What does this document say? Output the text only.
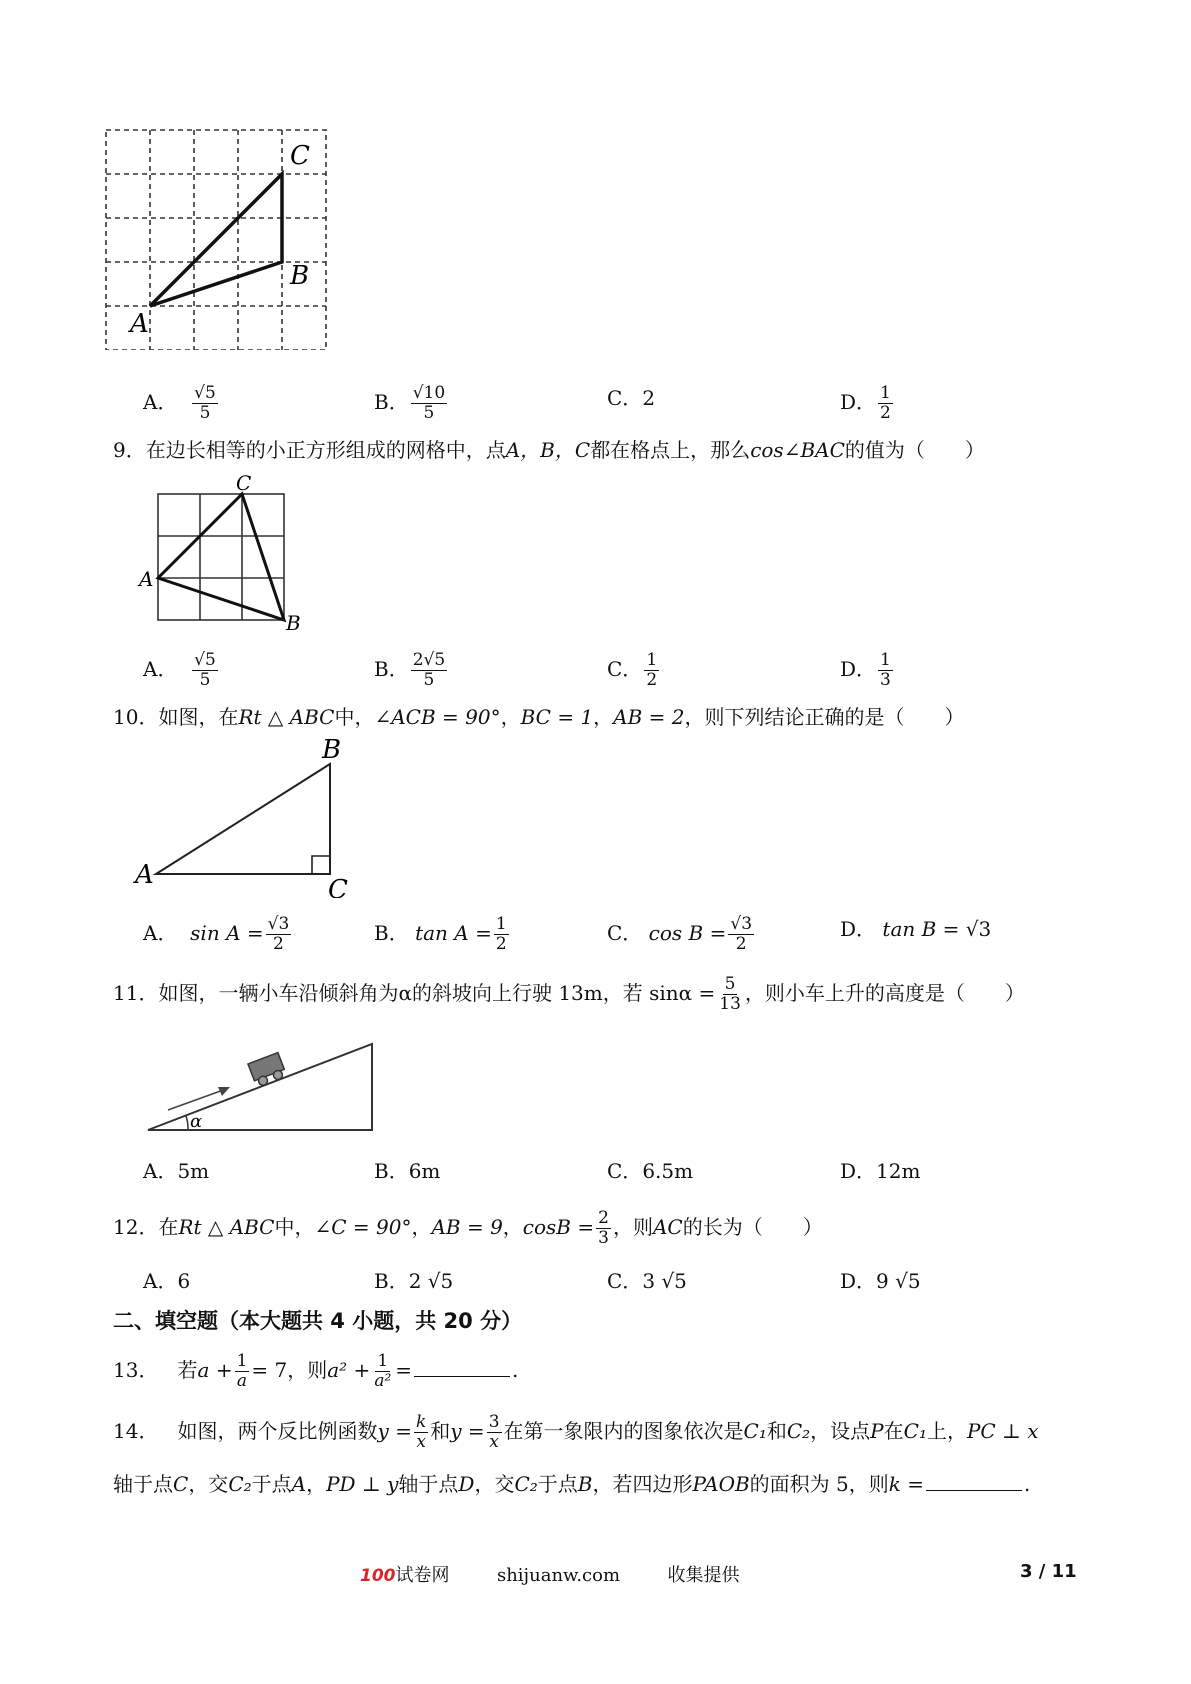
C
B
A
A． $\frac{√5}{5}$	B． $\frac{√10}{5}$	C．2	D． $\frac{1}{2}$
9．在边长相等的小正方形组成的网格中，点A，B，C都在格点上，那么cos∠BAC的值为（　　）
C
A
B
A． $\frac{√5}{5}$	B． $\frac{2√5}{5}$	C． $\frac{1}{2}$	D． $\frac{1}{3}$
10．如图，在Rt △ ABC中，∠ACB = 90°，BC = 1，AB = 2，则下列结论正确的是（　　）
B
A	C
A． $\sin A = \frac{√3}{2}$	B． $\tan A = \frac{1}{2}$	C． $\cos B = \frac{√3}{2}$	D． tan B = √3
11．如图，一辆小车沿倾斜角为α的斜坡向上行驶 13m，若 $\sin\alpha = \frac{5}{13}$ ，则小车上升的高度是（　　）
α
A．5m	B．6m	C．6.5m	D．12m
12．在Rt △ ABC中，∠C = 90°，AB = 9，$\cos B = \frac{2}{3}$ ，则AC的长为（　　）
A．6	B．2 √5	C．3 √5	D．9 √5
二、填空题（本大题共 4 小题，共 20 分）
13． 若$a + \frac{1}{a} = 7$，则$a^2 + \frac{1}{\text{a²}}$ =	.
14． 如图，两个反比例函数$y = \frac{k}{x}$ 和$y = \frac{3}{x}$ 在第一象限内的图象依次是C₁和C₂，设点P在C₁上，PC ⊥ x
轴于点C，交C₂于点A，PD ⊥ y轴于点D，交C₂于点B，若四边形PAOB的面积为 5，则k =	.
100试卷网	shijuanw.com	收集提供	3 / 11
